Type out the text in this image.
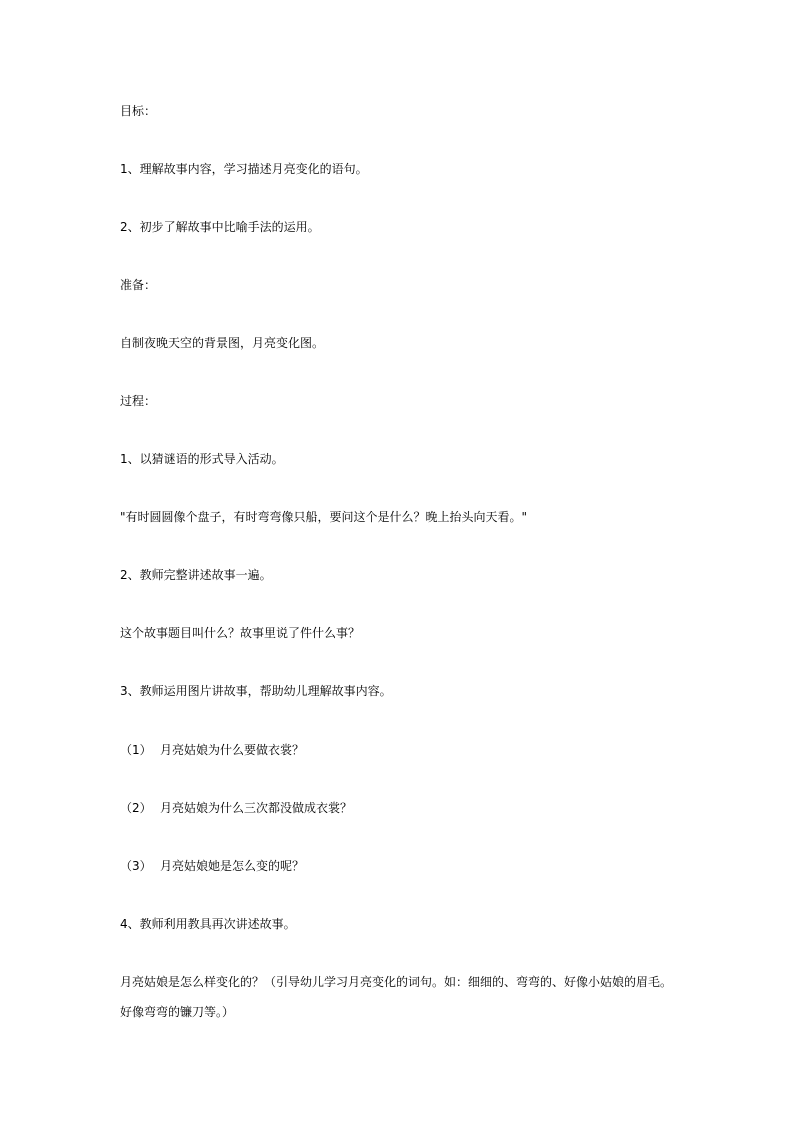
目标：

1、理解故事内容，学习描述月亮变化的语句。

2、初步了解故事中比喻手法的运用。

准备：

自制夜晚天空的背景图，月亮变化图。

过程：

1、以猜谜语的形式导入活动。

"有时圆圆像个盘子，有时弯弯像只船，要问这个是什么？晚上抬头向天看。"

2、教师完整讲述故事一遍。

这个故事题目叫什么？故事里说了件什么事？

3、教师运用图片讲故事，帮助幼儿理解故事内容。

（1） 月亮姑娘为什么要做衣裳？
（2） 月亮姑娘为什么三次都没做成衣裳？
（3） 月亮姑娘她是怎么变的呢？

4、教师利用教具再次讲述故事。

月亮姑娘是怎么样变化的？（引导幼儿学习月亮变化的词句。如：细细的、弯弯的、好像小姑娘的眉毛。

好像弯弯的镰刀等。）
